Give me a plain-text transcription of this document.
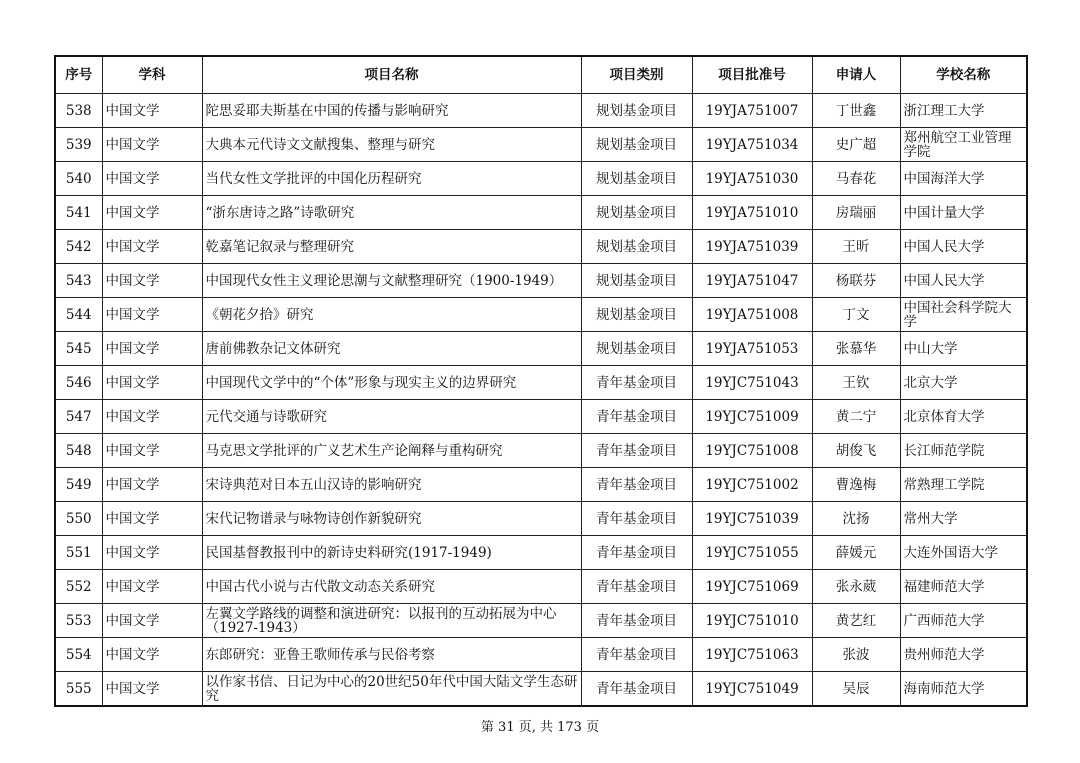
序号	学科	项目名称	项目类别	项目批准号	申请人	学校名称
538	中国文学	陀思妥耶夫斯基在中国的传播与影响研究	规划基金项目	19YJA751007	丁世鑫	浙江理工大学
539	中国文学	大典本元代诗文文献搜集、整理与研究	规划基金项目	19YJA751034	史广超	郑州航空工业管理学院
540	中国文学	当代女性文学批评的中国化历程研究	规划基金项目	19YJA751030	马春花	中国海洋大学
541	中国文学	“浙东唐诗之路”诗歌研究	规划基金项目	19YJA751010	房瑞丽	中国计量大学
542	中国文学	乾嘉笔记叙录与整理研究	规划基金项目	19YJA751039	王昕	中国人民大学
543	中国文学	中国现代女性主义理论思潮与文献整理研究（1900-1949）	规划基金项目	19YJA751047	杨联芬	中国人民大学
544	中国文学	《朝花夕拾》研究	规划基金项目	19YJA751008	丁文	中国社会科学院大学
545	中国文学	唐前佛教杂记文体研究	规划基金项目	19YJA751053	张慕华	中山大学
546	中国文学	中国现代文学中的“个体”形象与现实主义的边界研究	青年基金项目	19YJC751043	王钦	北京大学
547	中国文学	元代交通与诗歌研究	青年基金项目	19YJC751009	黄二宁	北京体育大学
548	中国文学	马克思文学批评的广义艺术生产论阐释与重构研究	青年基金项目	19YJC751008	胡俊飞	长江师范学院
549	中国文学	宋诗典范对日本五山汉诗的影响研究	青年基金项目	19YJC751002	曹逸梅	常熟理工学院
550	中国文学	宋代记物谱录与咏物诗创作新貌研究	青年基金项目	19YJC751039	沈扬	常州大学
551	中国文学	民国基督教报刊中的新诗史料研究(1917-1949)	青年基金项目	19YJC751055	薛媛元	大连外国语大学
552	中国文学	中国古代小说与古代散文动态关系研究	青年基金项目	19YJC751069	张永葳	福建师范大学
553	中国文学	左翼文学路线的调整和演进研究：以报刊的互动拓展为中心（1927-1943）	青年基金项目	19YJC751010	黄艺红	广西师范大学
554	中国文学	东郎研究：亚鲁王歌师传承与民俗考察	青年基金项目	19YJC751063	张波	贵州师范大学
555	中国文学	以作家书信、日记为中心的20世纪50年代中国大陆文学生态研究	青年基金项目	19YJC751049	吴辰	海南师范大学
第 31 页, 共 173 页
